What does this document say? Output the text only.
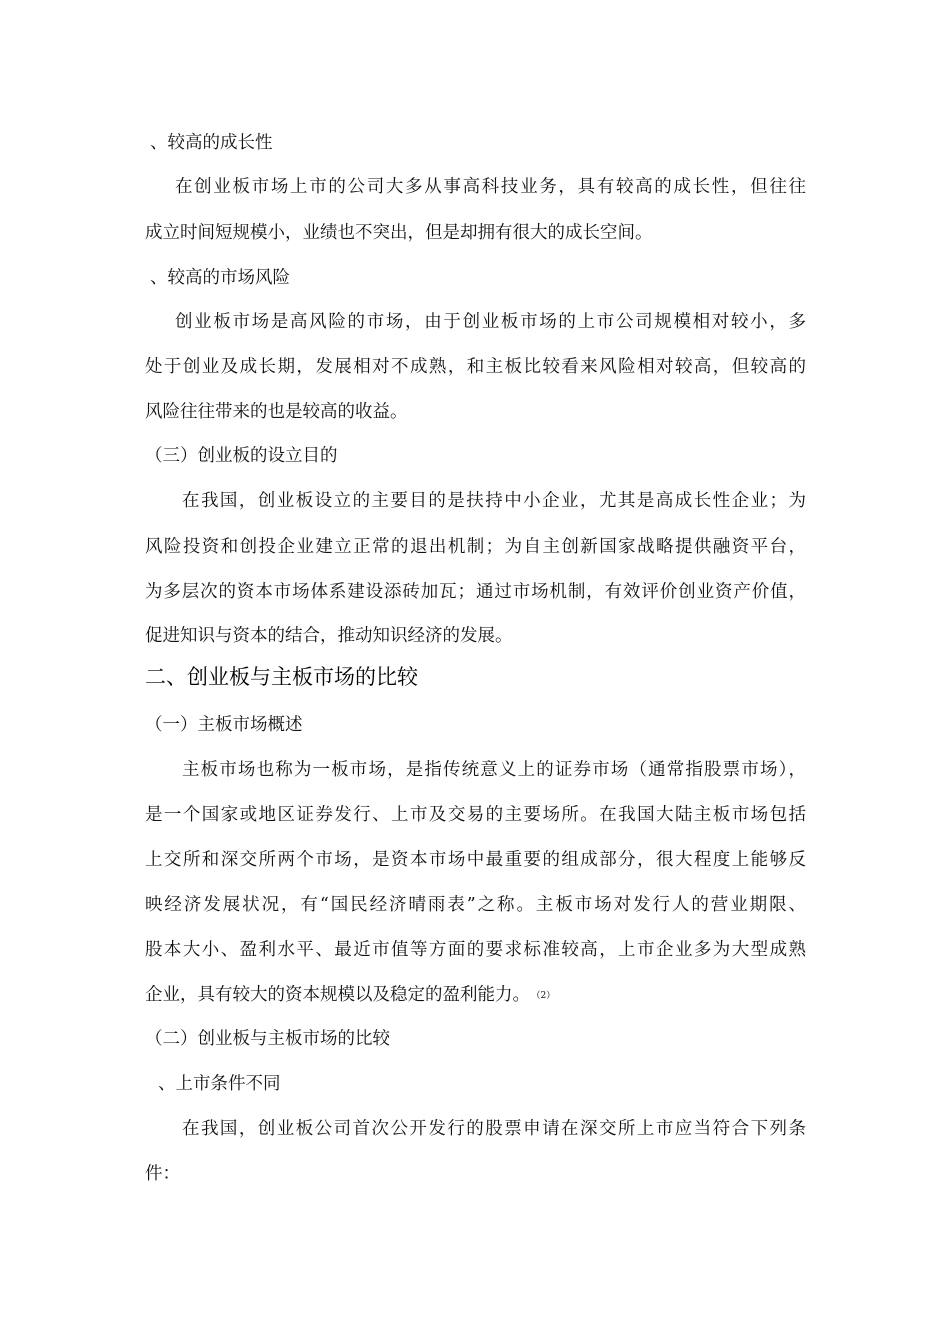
、较高的成长性
在创业板市场上市的公司大多从事高科技业务，具有较高的成长性，但往往
成立时间短规模小，业绩也不突出，但是却拥有很大的成长空间。
、较高的市场风险
创业板市场是高风险的市场，由于创业板市场的上市公司规模相对较小，多
处于创业及成长期，发展相对不成熟，和主板比较看来风险相对较高，但较高的
风险往往带来的也是较高的收益。
（三）创业板的设立目的
在我国，创业板设立的主要目的是扶持中小企业，尤其是高成长性企业；为
风险投资和创投企业建立正常的退出机制；为自主创新国家战略提供融资平台，
为多层次的资本市场体系建设添砖加瓦；通过市场机制，有效评价创业资产价值，
促进知识与资本的结合，推动知识经济的发展。
二、创业板与主板市场的比较
（一）主板市场概述
主板市场也称为一板市场，是指传统意义上的证券市场（通常指股票市场），
是一个国家或地区证券发行、上市及交易的主要场所。在我国大陆主板市场包括
上交所和深交所两个市场，是资本市场中最重要的组成部分，很大程度上能够反
映经济发展状况，有“国民经济晴雨表”之称。主板市场对发行人的营业期限、
股本大小、盈利水平、最近市值等方面的要求标准较高，上市企业多为大型成熟
企业，具有较大的资本规模以及稳定的盈利能力。 $^{(2)}$
（二）创业板与主板市场的比较
、上市条件不同
在我国，创业板公司首次公开发行的股票申请在深交所上市应当符合下列条
件：
